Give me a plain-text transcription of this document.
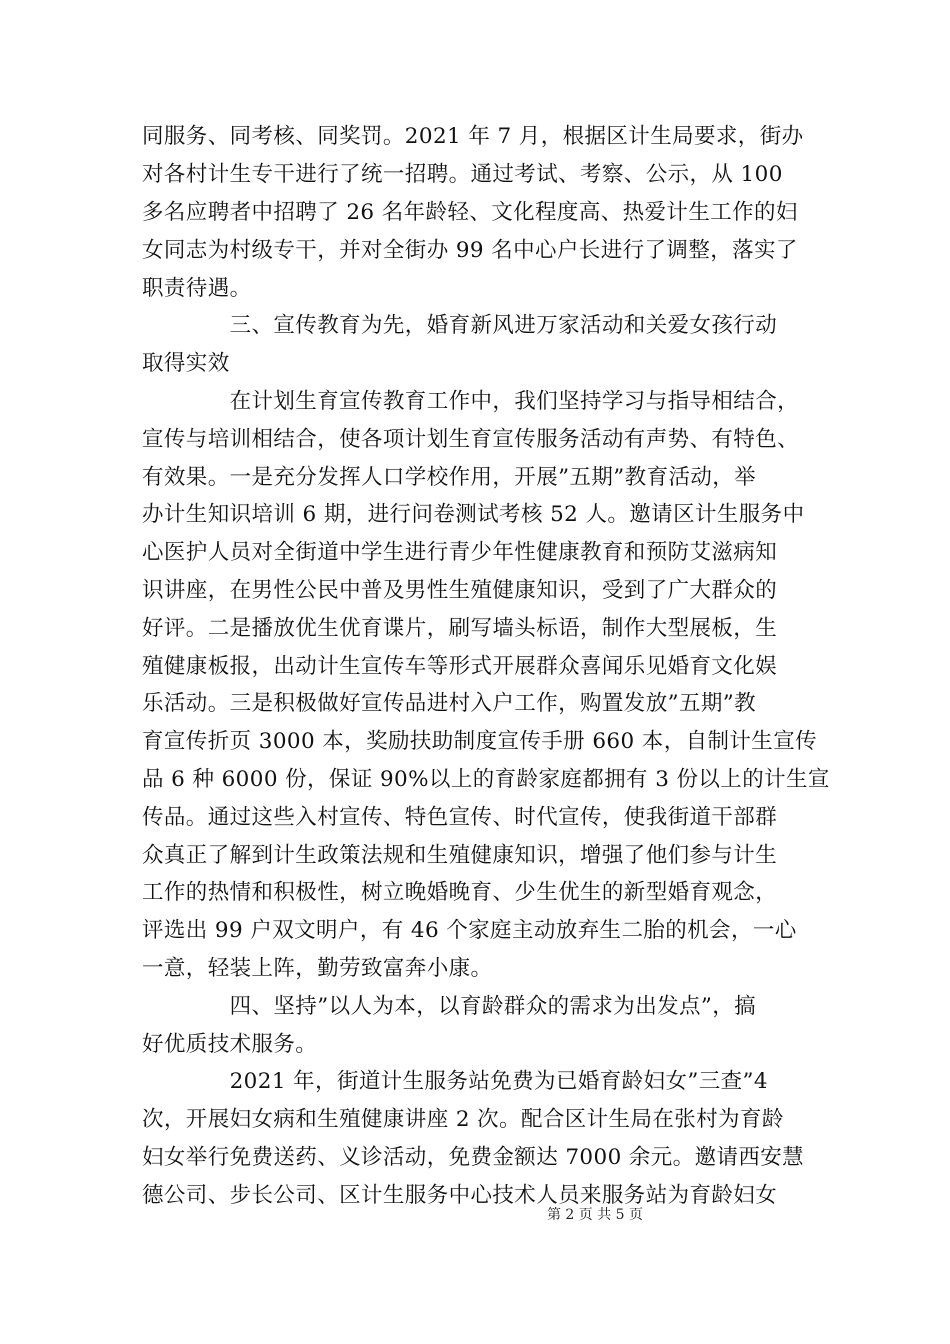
同服务、同考核、同奖罚。2021 年 7 月，根据区计生局要求，街办
对各村计生专干进行了统一招聘。通过考试、考察、公示，从 100
多名应聘者中招聘了 26 名年龄轻、文化程度高、热爱计生工作的妇
女同志为村级专干，并对全街办 99 名中心户长进行了调整，落实了
职责待遇。
　　　　三、宣传教育为先，婚育新风进万家活动和关爱女孩行动
取得实效
　　　　在计划生育宣传教育工作中，我们坚持学习与指导相结合，
宣传与培训相结合，使各项计划生育宣传服务活动有声势、有特色、
有效果。一是充分发挥人口学校作用，开展”五期”教育活动，举
办计生知识培训 6 期，进行问卷测试考核 52 人。邀请区计生服务中
心医护人员对全街道中学生进行青少年性健康教育和预防艾滋病知
识讲座，在男性公民中普及男性生殖健康知识，受到了广大群众的
好评。二是播放优生优育谍片，刷写墙头标语，制作大型展板，生
殖健康板报，出动计生宣传车等形式开展群众喜闻乐见婚育文化娱
乐活动。三是积极做好宣传品进村入户工作，购置发放”五期”教
育宣传折页 3000 本，奖励扶助制度宣传手册 660 本，自制计生宣传
品 6 种 6000 份，保证 90%以上的育龄家庭都拥有 3 份以上的计生宣
传品。通过这些入村宣传、特色宣传、时代宣传，使我街道干部群
众真正了解到计生政策法规和生殖健康知识，增强了他们参与计生
工作的热情和积极性，树立晚婚晚育、少生优生的新型婚育观念，
评选出 99 户双文明户，有 46 个家庭主动放弃生二胎的机会，一心
一意，轻装上阵，勤劳致富奔小康。
　　　　四、坚持”以人为本，以育龄群众的需求为出发点”，搞
好优质技术服务。
　　　　2021 年，街道计生服务站免费为已婚育龄妇女”三查”4
次，开展妇女病和生殖健康讲座 2 次。配合区计生局在张村为育龄
妇女举行免费送药、义诊活动，免费金额达 7000 余元。邀请西安慧
德公司、步长公司、区计生服务中心技术人员来服务站为育龄妇女
第 2 页 共 5 页
